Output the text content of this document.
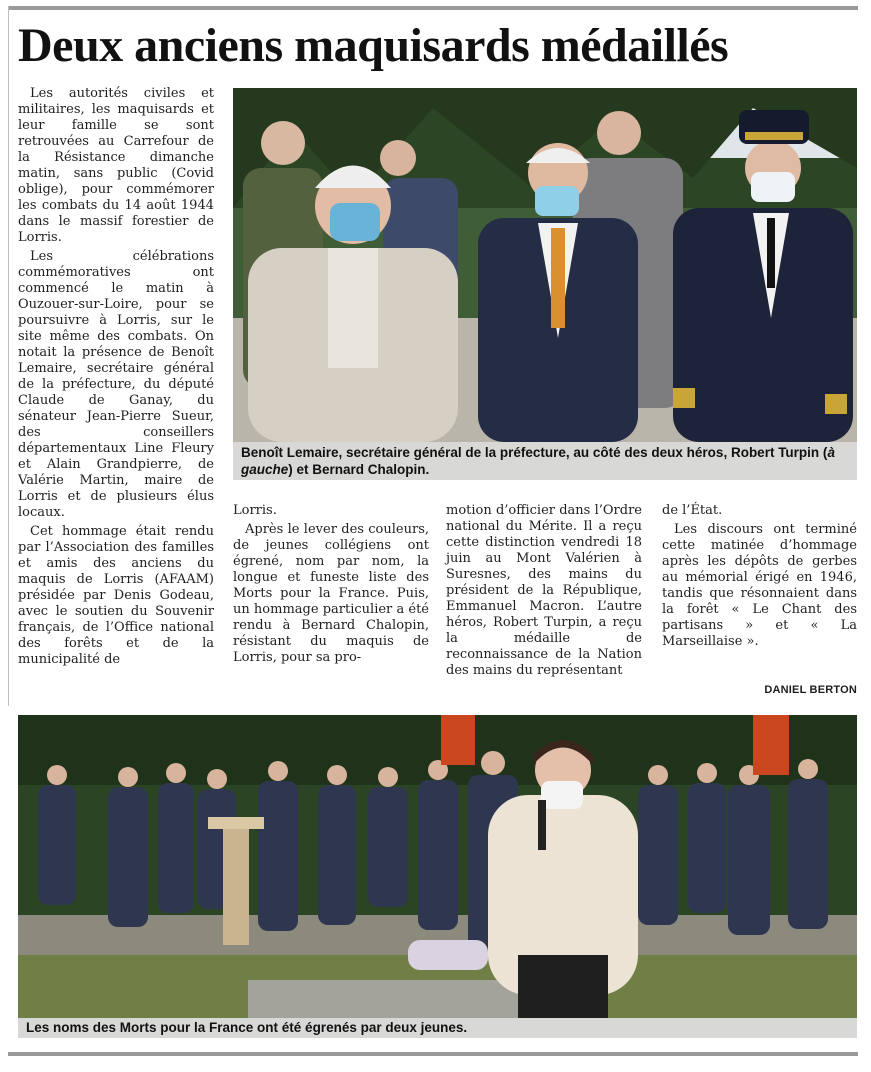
Deux anciens maquisards médaillés

Les autorités civiles et militaires, les maquisards et leur famille se sont retrouvées au Carrefour de la Résistance dimanche matin, sans public (Covid oblige), pour commémorer les combats du 14 août 1944 dans le massif forestier de Lorris.

Les célébrations commémoratives ont commencé le matin à Ouzouer-sur-Loire, pour se poursuivre à Lorris, sur le site même des combats. On notait la présence de Benoît Lemaire, secrétaire général de la préfecture, du député Claude de Ganay, du sénateur Jean-Pierre Sueur, des conseillers départementaux Line Fleury et Alain Grandpierre, de Valérie Martin, maire de Lorris et de plusieurs élus locaux.

Cet hommage était rendu par l’Association des familles et amis des anciens du maquis de Lorris (AFAAM) présidée par Denis Godeau, avec le soutien du Souvenir français, de l’Office national des forêts et de la municipalité de

Benoît Lemaire, secrétaire général de la préfecture, au côté des deux héros, Robert Turpin (à gauche) et Bernard Chalopin.

Lorris.

Après le lever des couleurs, de jeunes collégiens ont égrené, nom par nom, la longue et funeste liste des Morts pour la France. Puis, un hommage particulier a été rendu à Bernard Chalopin, résistant du maquis de Lorris, pour sa pro-

motion d’officier dans l’Ordre national du Mérite. Il a reçu cette distinction vendredi 18 juin au Mont Valérien à Suresnes, des mains du président de la République, Emmanuel Macron. L’autre héros, Robert Turpin, a reçu la médaille de reconnaissance de la Nation des mains du représentant

de l’État.

Les discours ont terminé cette matinée d’hommage après les dépôts de gerbes au mémorial érigé en 1946, tandis que résonnaient dans la forêt « Le Chant des partisans » et « La Marseillaise ».

DANIEL BERTON
Les noms des Morts pour la France ont été égrenés par deux jeunes.
